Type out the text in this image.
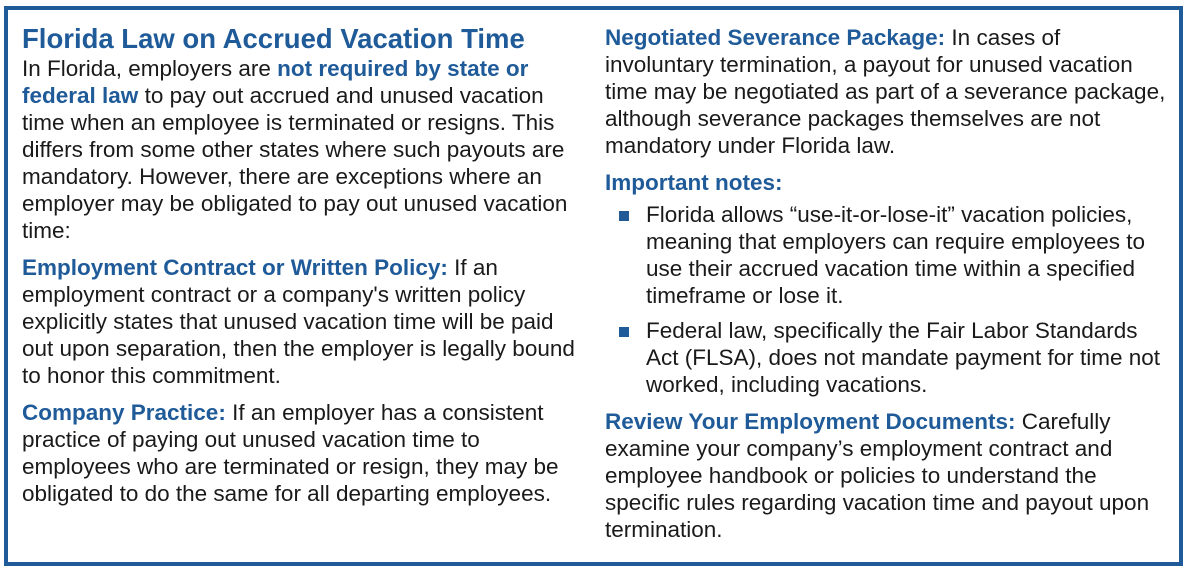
Florida Law on Accrued Vacation Time

In Florida, employers are not required by state or federal law to pay out accrued and unused vacation time when an employee is terminated or resigns. This differs from some other states where such payouts are mandatory. However, there are exceptions where an employer may be obligated to pay out unused vacation time:

Employment Contract or Written Policy: If an employment contract or a company's written policy explicitly states that unused vacation time will be paid out upon separation, then the employer is legally bound to honor this commitment.

Company Practice: If an employer has a consistent practice of paying out unused vacation time to employees who are terminated or resign, they may be obligated to do the same for all departing employees.

Negotiated Severance Package: In cases of involuntary termination, a payout for unused vacation time may be negotiated as part of a severance package, although severance packages themselves are not mandatory under Florida law.

Important notes:
Florida allows “use-it-or-lose-it” vacation policies, meaning that employers can require employees to use their accrued vacation time within a specified timeframe or lose it.
Federal law, specifically the Fair Labor Standards Act (FLSA), does not mandate payment for time not worked, including vacations.

Review Your Employment Documents: Carefully examine your company’s employment contract and employee handbook or policies to understand the specific rules regarding vacation time and payout upon termination.
